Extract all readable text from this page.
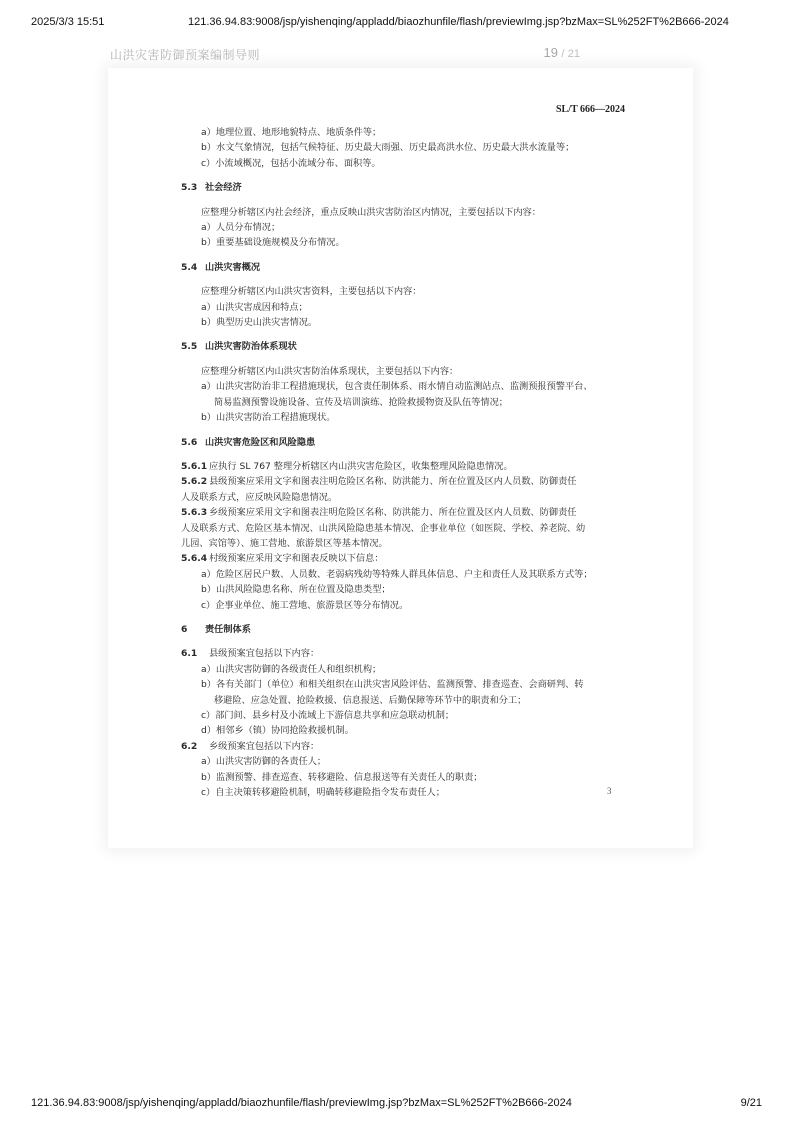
2025/3/3 15:51	121.36.94.83:9008/jsp/yishenqing/appladd/biaozhunfile/flash/previewImg.jsp?bzMax=SL%252FT%2B666-2024
山洪灾害防御预案编制导则	19 / 21
SL/T 666—2024
a）地理位置、地形地貌特点、地质条件等；
b）水文气象情况，包括气候特征、历史最大雨强、历史最高洪水位、历史最大洪水流量等；
c）小流域概况，包括小流域分布、面积等。
5.3 社会经济
应整理分析辖区内社会经济，重点反映山洪灾害防治区内情况，主要包括以下内容：
a）人员分布情况；
b）重要基础设施规模及分布情况。
5.4 山洪灾害概况
应整理分析辖区内山洪灾害资料，主要包括以下内容：
a）山洪灾害成因和特点；
b）典型历史山洪灾害情况。
5.5 山洪灾害防治体系现状
应整理分析辖区内山洪灾害防治体系现状，主要包括以下内容：
a）山洪灾害防治非工程措施现状，包含责任制体系、雨水情自动监测站点、监测预报预警平台、
简易监测预警设施设备、宣传及培训演练、抢险救援物资及队伍等情况；
b）山洪灾害防治工程措施现状。
5.6 山洪灾害危险区和风险隐患
5.6.1 应执行 SL 767 整理分析辖区内山洪灾害危险区，收集整理风险隐患情况。
5.6.2 县级预案应采用文字和图表注明危险区名称、防洪能力、所在位置及区内人员数、防御责任
人及联系方式，应反映风险隐患情况。
5.6.3 乡级预案应采用文字和图表注明危险区名称、防洪能力、所在位置及区内人员数、防御责任
人及联系方式、危险区基本情况、山洪风险隐患基本情况、企事业单位（如医院、学校、养老院、幼
儿园、宾馆等）、施工营地、旅游景区等基本情况。
5.6.4 村级预案应采用文字和图表反映以下信息：
a）危险区居民户数、人员数、老弱病残幼等特殊人群具体信息、户主和责任人及其联系方式等；
b）山洪风险隐患名称、所在位置及隐患类型；
c）企事业单位、施工营地、旅游景区等分布情况。
6 责任制体系
6.1 县级预案宜包括以下内容：
a）山洪灾害防御的各级责任人和组织机构；
b）各有关部门（单位）和相关组织在山洪灾害风险评估、监测预警、排查巡查、会商研判、转
移避险、应急处置、抢险救援、信息报送、后勤保障等环节中的职责和分工；
c）部门间、县乡村及小流域上下游信息共享和应急联动机制；
d）相邻乡（镇）协同抢险救援机制。
6.2 乡级预案宜包括以下内容：
a）山洪灾害防御的各责任人；
b）监测预警、排查巡查、转移避险、信息报送等有关责任人的职责；
c）自主决策转移避险机制，明确转移避险指令发布责任人；	3
121.36.94.83:9008/jsp/yishenqing/appladd/biaozhunfile/flash/previewImg.jsp?bzMax=SL%252FT%2B666-2024	9/21
